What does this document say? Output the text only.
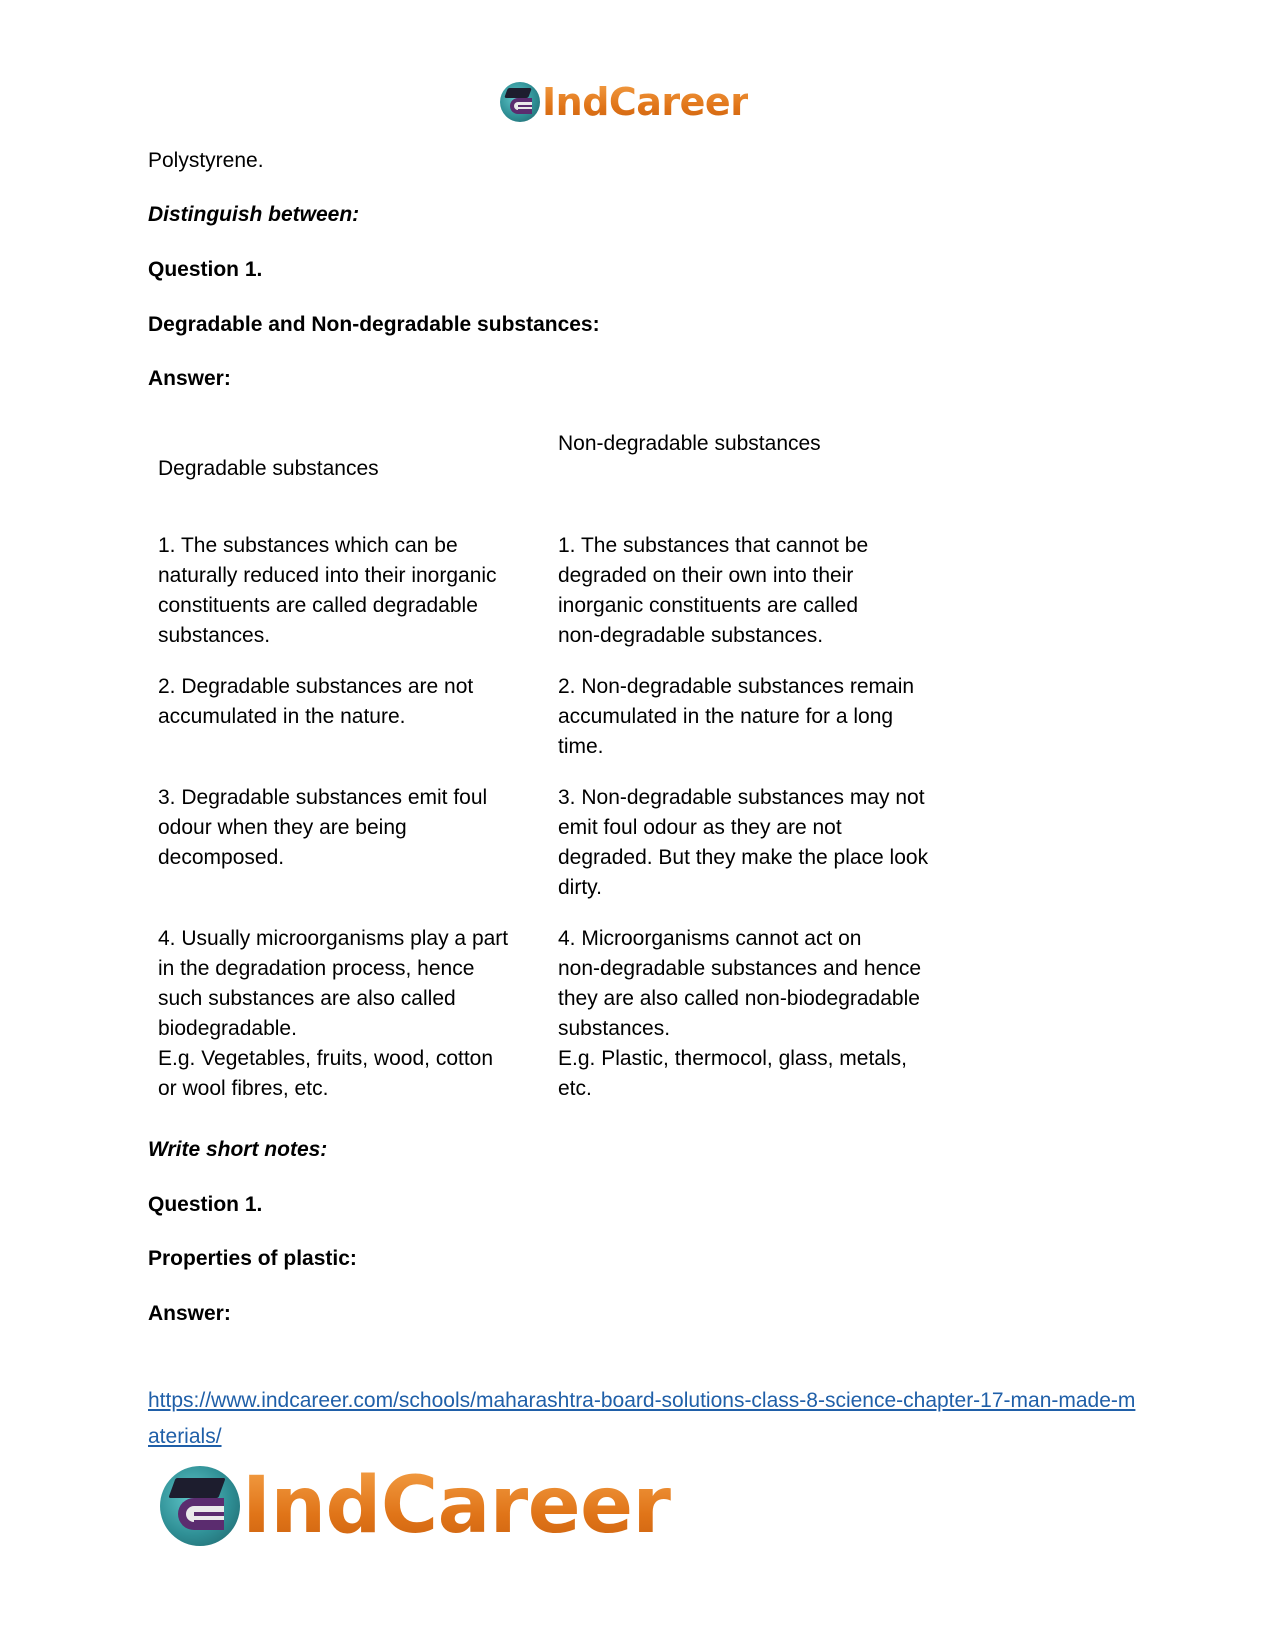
IndCareer
Polystyrene.
Distinguish between:
Question 1.
Degradable and Non-degradable substances:
Answer:
Degradable substances
Non-degradable substances
1. The substances which can be
naturally reduced into their inorganic
constituents are called degradable
substances.
1. The substances that cannot be
degraded on their own into their
inorganic constituents are called
non-degradable substances.
2. Degradable substances are not
accumulated in the nature.
2. Non-degradable substances remain
accumulated in the nature for a long
time.
3. Degradable substances emit foul
odour when they are being
decomposed.
3. Non-degradable substances may not
emit foul odour as they are not
degraded. But they make the place look
dirty.
4. Usually microorganisms play a part
in the degradation process, hence
such substances are also called
biodegradable.
E.g. Vegetables, fruits, wood, cotton
or wool fibres, etc.
4. Microorganisms cannot act on
non-degradable substances and hence
they are also called non-biodegradable
substances.
E.g. Plastic, thermocol, glass, metals,
etc.
Write short notes:
Question 1.
Properties of plastic:
Answer:
https://www.indcareer.com/schools/maharashtra-board-solutions-class-8-science-chapter-17-man-made-materials/
IndCareer
